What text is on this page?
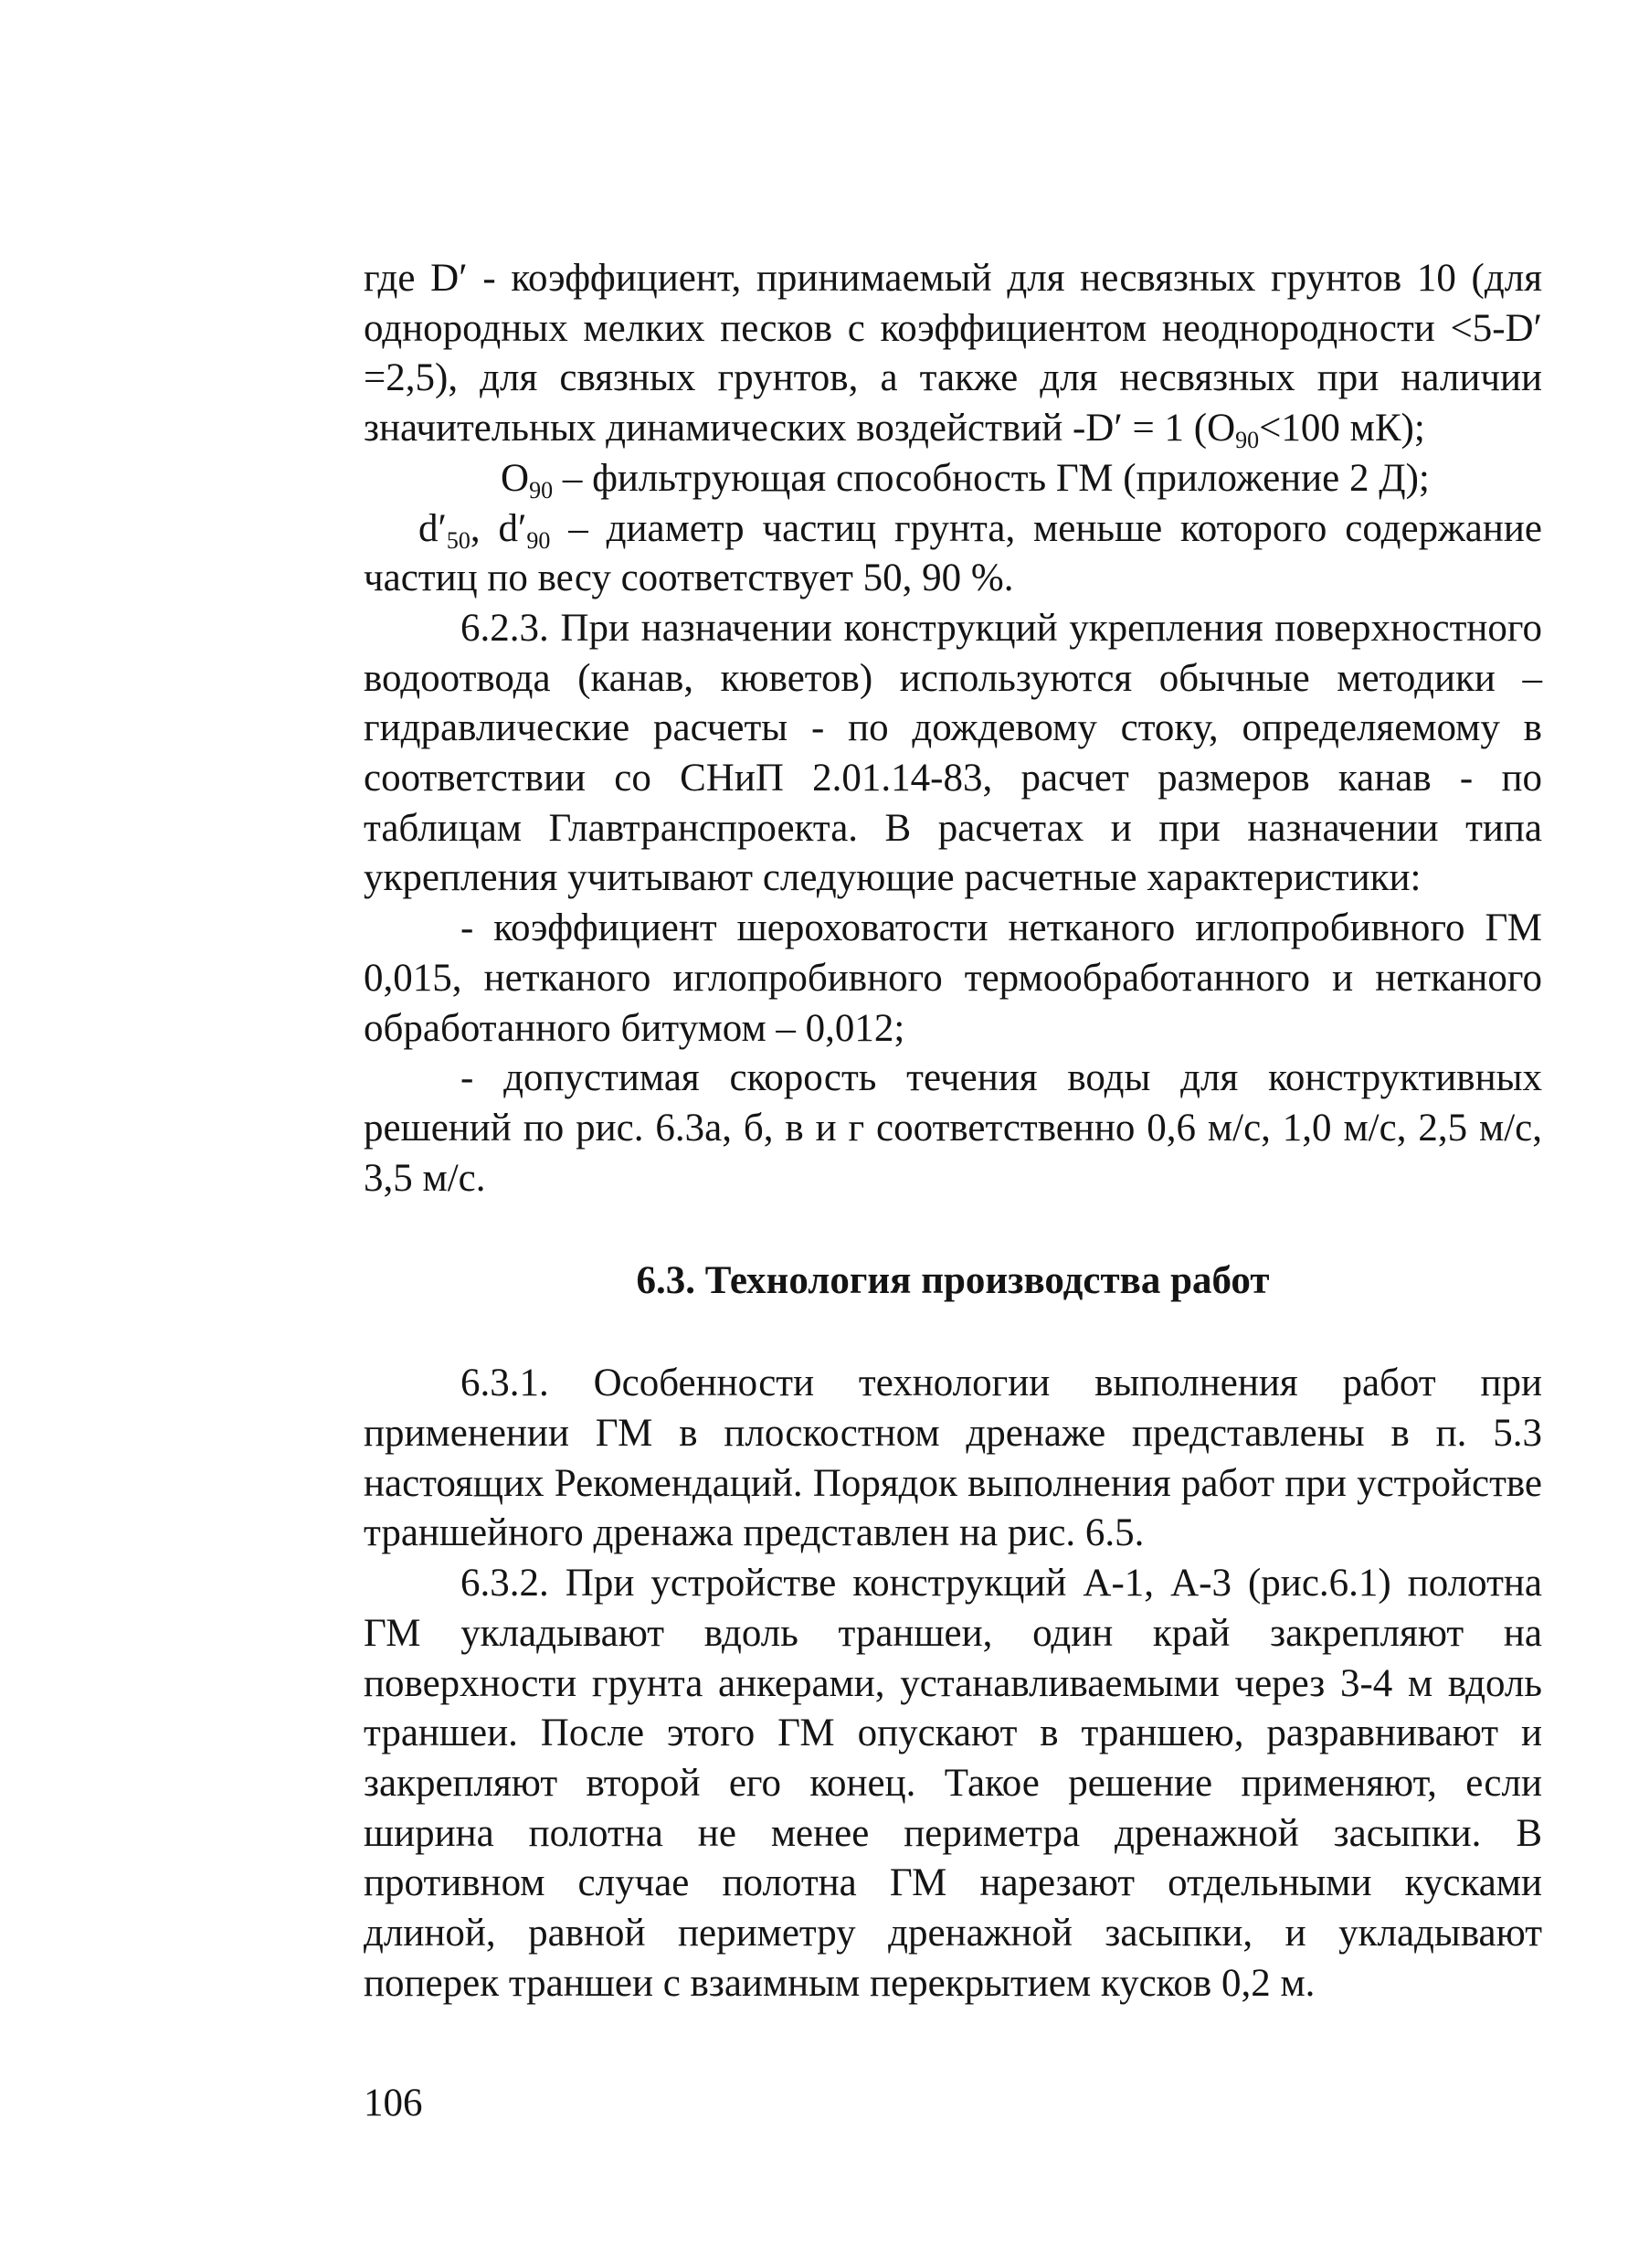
где D′ - коэффициент, принимаемый для несвязных грунтов 10 (для однородных мелких песков с коэффициентом неоднородности <5-D′ =2,5), для связных грунтов, а также для несвязных при наличии значительных динамических воздействий -D′ = 1 ($O_{90}<100$ мК);

$O_{90}$ – фильтрующая способность ГМ (приложение 2 Д);

$d'_{50}$, $d'_{90}$ – диаметр частиц грунта, меньше которого содержание частиц по весу соответствует 50, 90 %.

6.2.3. При назначении конструкций укрепления поверхностного водоотвода (канав, кюветов) используются обычные методики – гидравлические расчеты - по дождевому стоку, определяемому в соответствии со СНиП 2.01.14-83, расчет размеров канав - по таблицам Главтранспроекта. В расчетах и при назначении типа укрепления учитывают следующие расчетные характеристики:

- коэффициент шероховатости нетканого иглопробивного ГМ 0,015, нетканого иглопробивного термообработанного и нетканого обработанного битумом – 0,012;

- допустимая скорость течения воды для конструктивных решений по рис. 6.3а, б, в и г соответственно 0,6 м/с, 1,0 м/с, 2,5 м/с, 3,5 м/с.

6.3. Технология производства работ

6.3.1. Особенности технологии выполнения работ при применении ГМ в плоскостном дренаже представлены в п. 5.3 настоящих Рекомендаций. Порядок выполнения работ при устройстве траншейного дренажа представлен на рис. 6.5.

6.3.2. При устройстве конструкций А-1, А-3 (рис.6.1) полотна ГМ укладывают вдоль траншеи, один край закрепляют на поверхности грунта анкерами, устанавливаемыми через 3-4 м вдоль траншеи. После этого ГМ опускают в траншею, разравнивают и закрепляют второй его конец. Такое решение применяют, если ширина полотна не менее периметра дренажной засыпки. В противном случае полотна ГМ нарезают отдельными кусками длиной, равной периметру дренажной засыпки, и укладывают поперек траншеи с взаимным перекрытием кусков 0,2 м.

106
